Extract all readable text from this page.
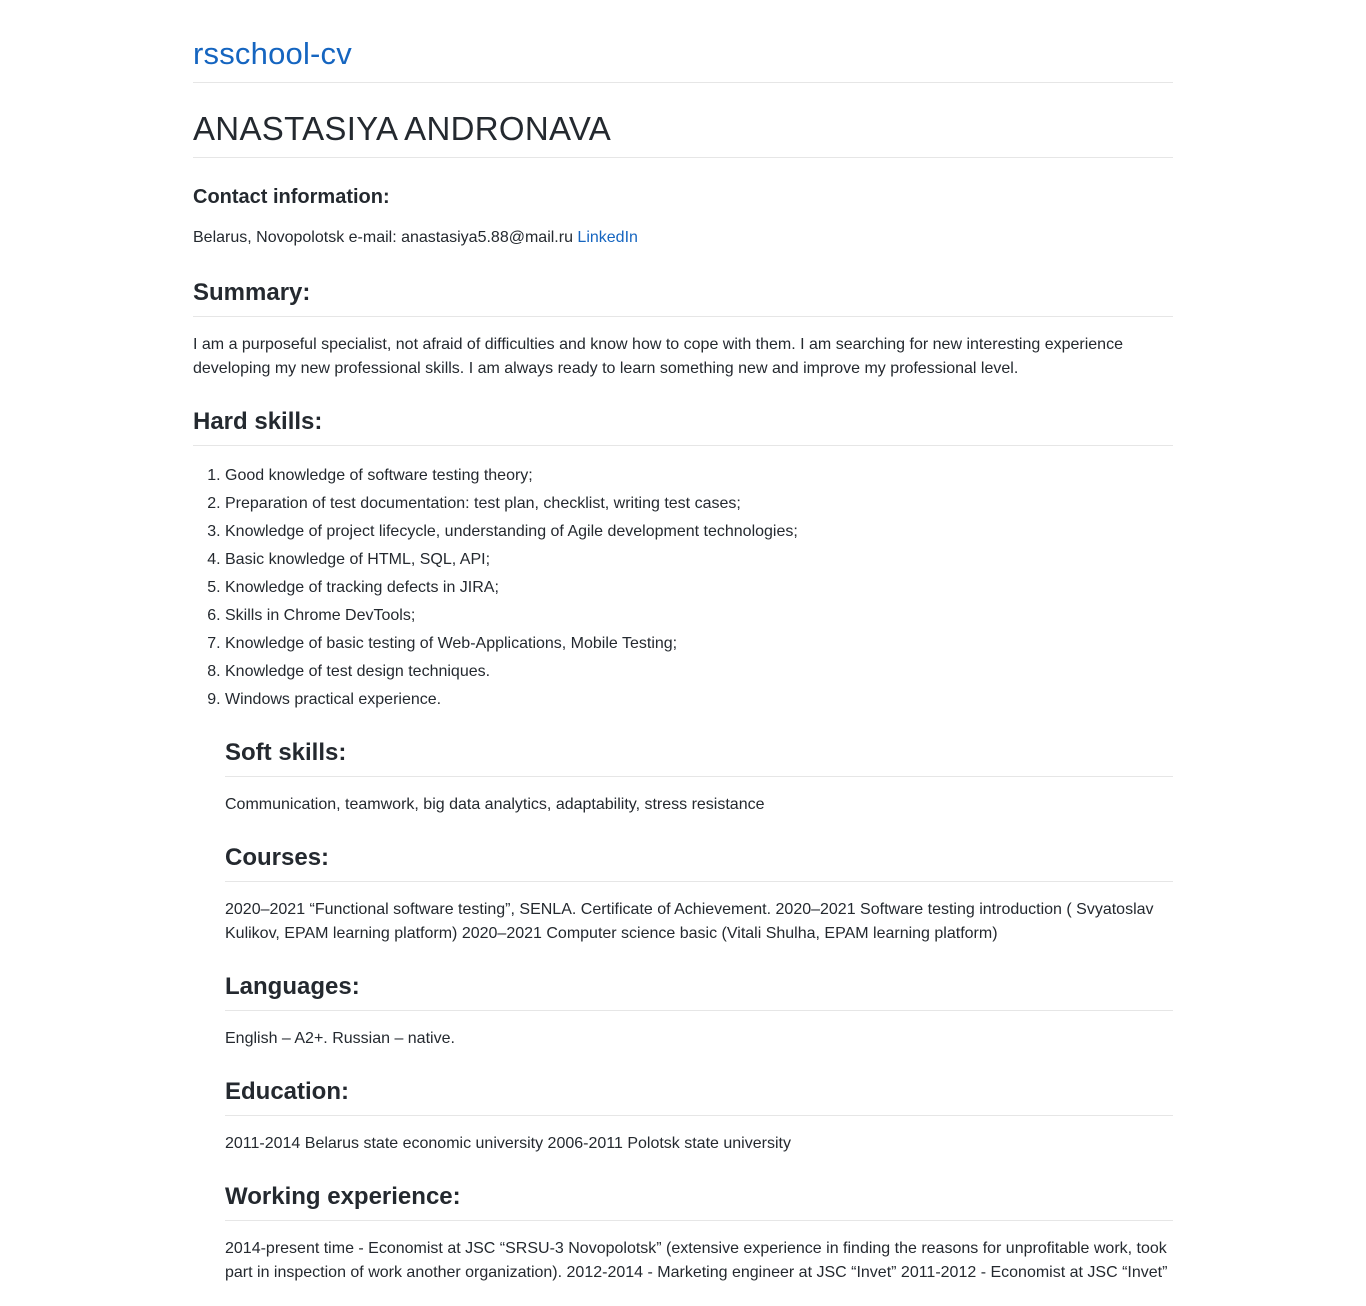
rsschool-cv
ANASTASIYA ANDRONAVA
Contact information:
Belarus, Novopolotsk e-mail: anastasiya5.88@mail.ru LinkedIn
Summary:

I am a purposeful specialist, not afraid of difficulties and know how to cope with them. I am searching for new interesting experience developing my new professional skills. I am always ready to learn something new and improve my professional level.

Hard skills:
1. Good knowledge of software testing theory;
2. Preparation of test documentation: test plan, checklist, writing test cases;
3. Knowledge of project lifecycle, understanding of Agile development technologies;
4. Basic knowledge of HTML, SQL, API;
5. Knowledge of tracking defects in JIRA;
6. Skills in Chrome DevTools;
7. Knowledge of basic testing of Web-Applications, Mobile Testing;
8. Knowledge of test design techniques.
9. Windows practical experience.
Soft skills:

Communication, teamwork, big data analytics, adaptability, stress resistance

Courses:

2020–2021 “Functional software testing”, SENLA. Certificate of Achievement. 2020–2021 Software testing introduction ( Svyatoslav Kulikov, EPAM learning platform) 2020–2021 Computer science basic (Vitali Shulha, EPAM learning platform)

Languages:

English – A2+. Russian – native.

Education:

2011-2014 Belarus state economic university 2006-2011 Polotsk state university

Working experience:

2014-present time - Economist at JSC “SRSU-3 Novopolotsk” (extensive experience in finding the reasons for unprofitable work, took part in inspection of work another organization). 2012-2014 - Marketing engineer at JSC “Invet” 2011-2012 - Economist at JSC “Invet”
